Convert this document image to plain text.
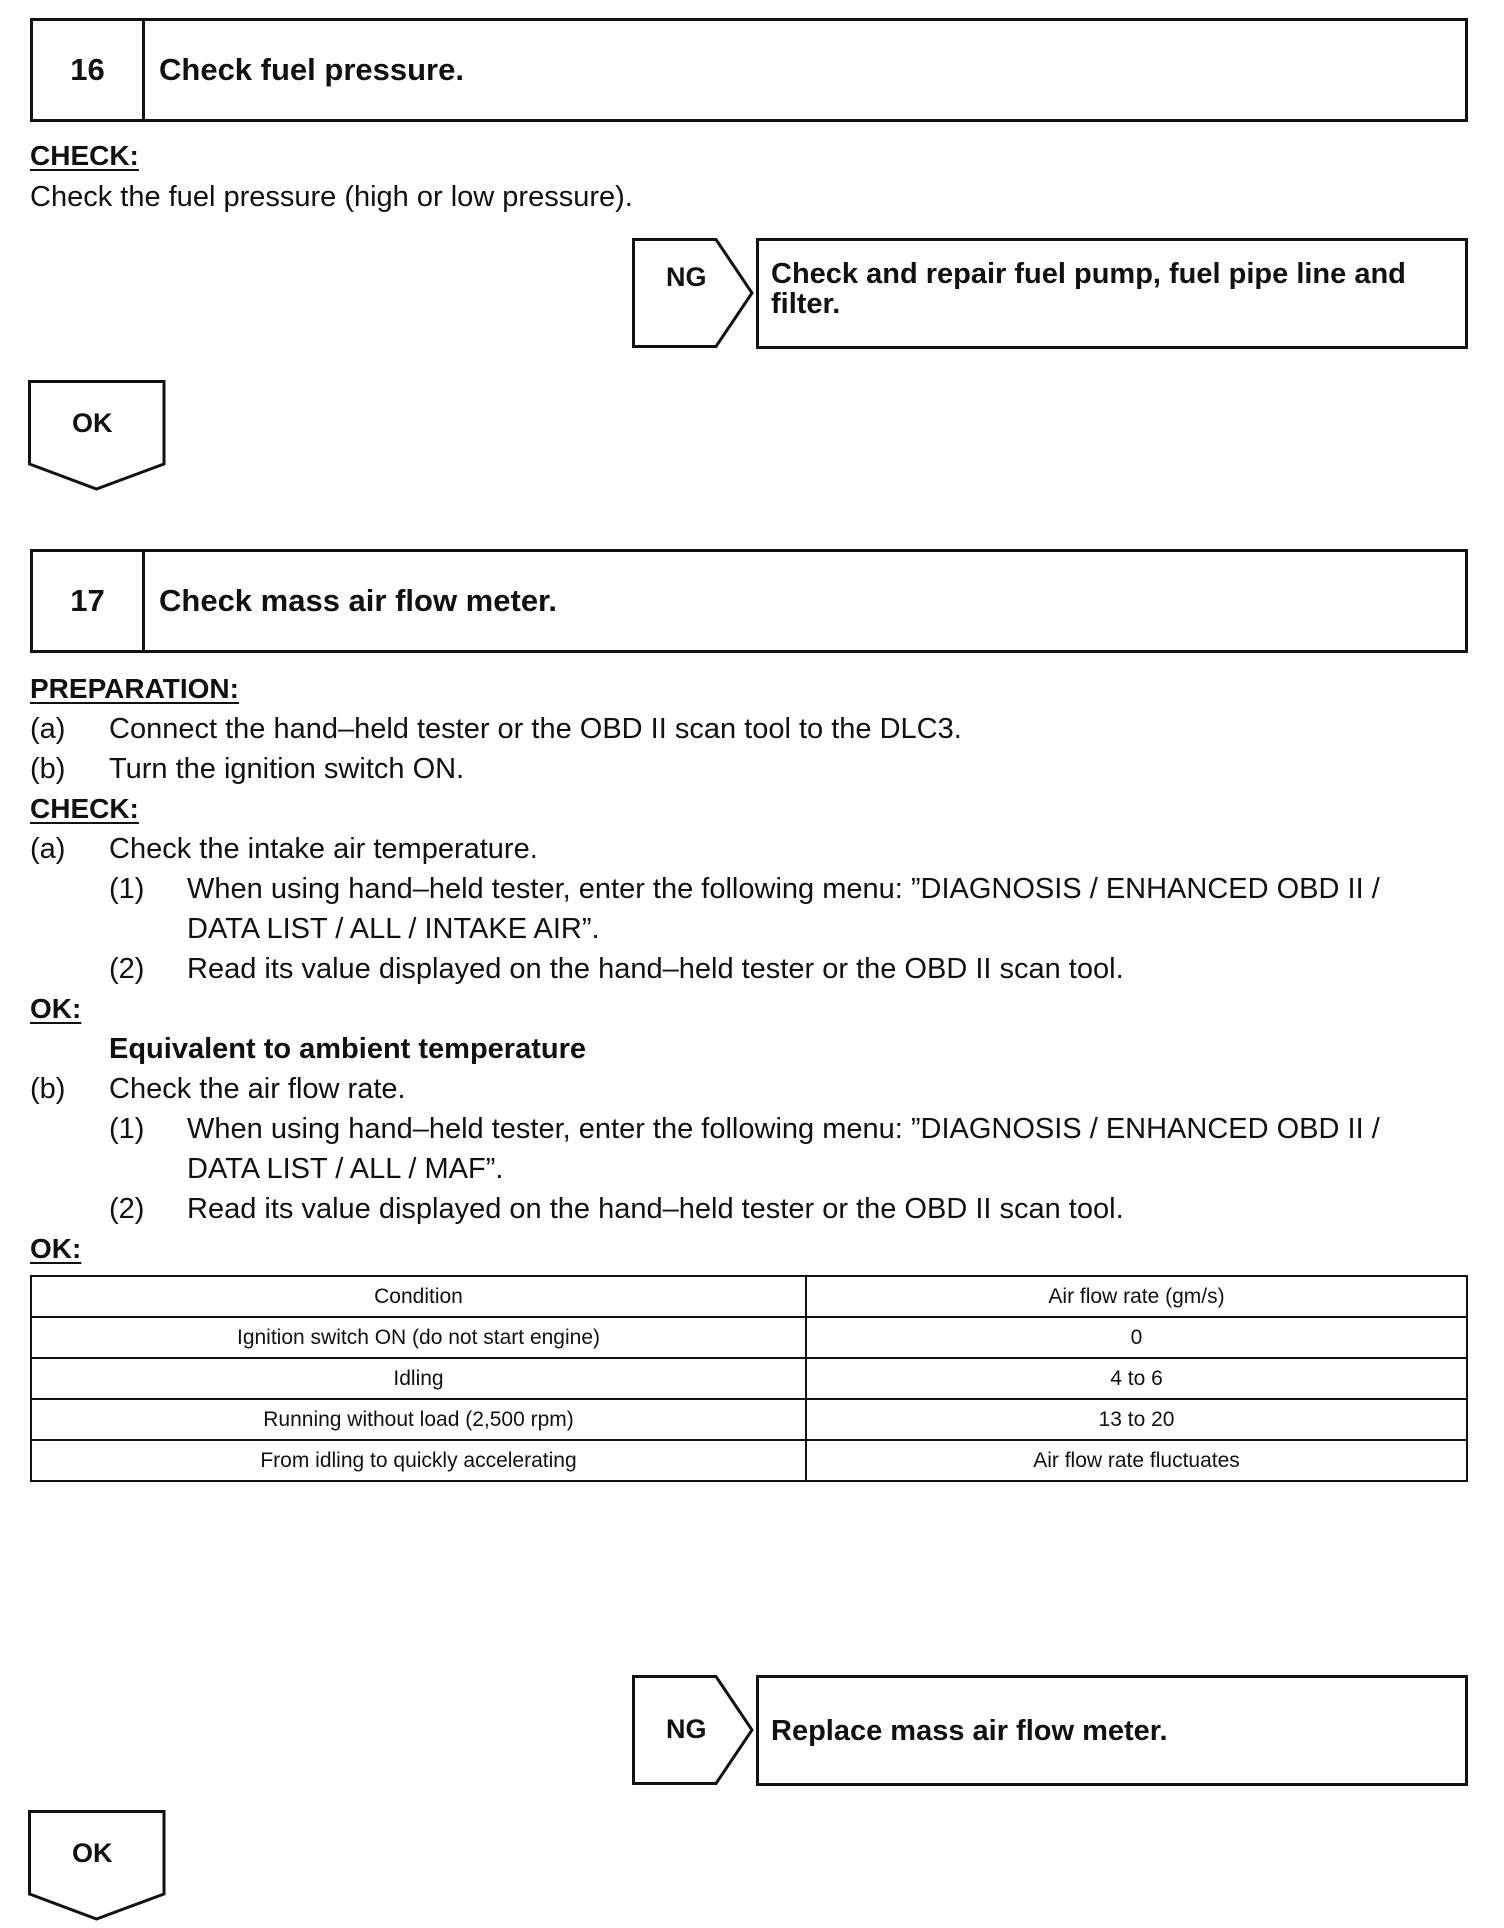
16	Check fuel pressure.
CHECK:
Check the fuel pressure (high or low pressure).
NG Check and repair fuel pump, fuel pipe line and
filter.
OK
17	Check mass air flow meter.
PREPARATION:
(a) Connect the hand–held tester or the OBD II scan tool to the DLC3.
(b) Turn the ignition switch ON.
CHECK:
(a) Check the intake air temperature.
(1) When using hand–held tester, enter the following menu: ”DIAGNOSIS / ENHANCED OBD II /
DATA LIST / ALL / INTAKE AIR”.
(2) Read its value displayed on the hand–held tester or the OBD II scan tool.
OK:
Equivalent to ambient temperature
(b) Check the air flow rate.
(1) When using hand–held tester, enter the following menu: ”DIAGNOSIS / ENHANCED OBD II /
DATA LIST / ALL / MAF”.
(2) Read its value displayed on the hand–held tester or the OBD II scan tool.
OK:
Condition	Air flow rate (gm/s)
Ignition switch ON (do not start engine)	0
Idling	4 to 6
Running without load (2,500 rpm)	13 to 20
From idling to quickly accelerating	Air flow rate fluctuates
NG Replace mass air flow meter.
OK
